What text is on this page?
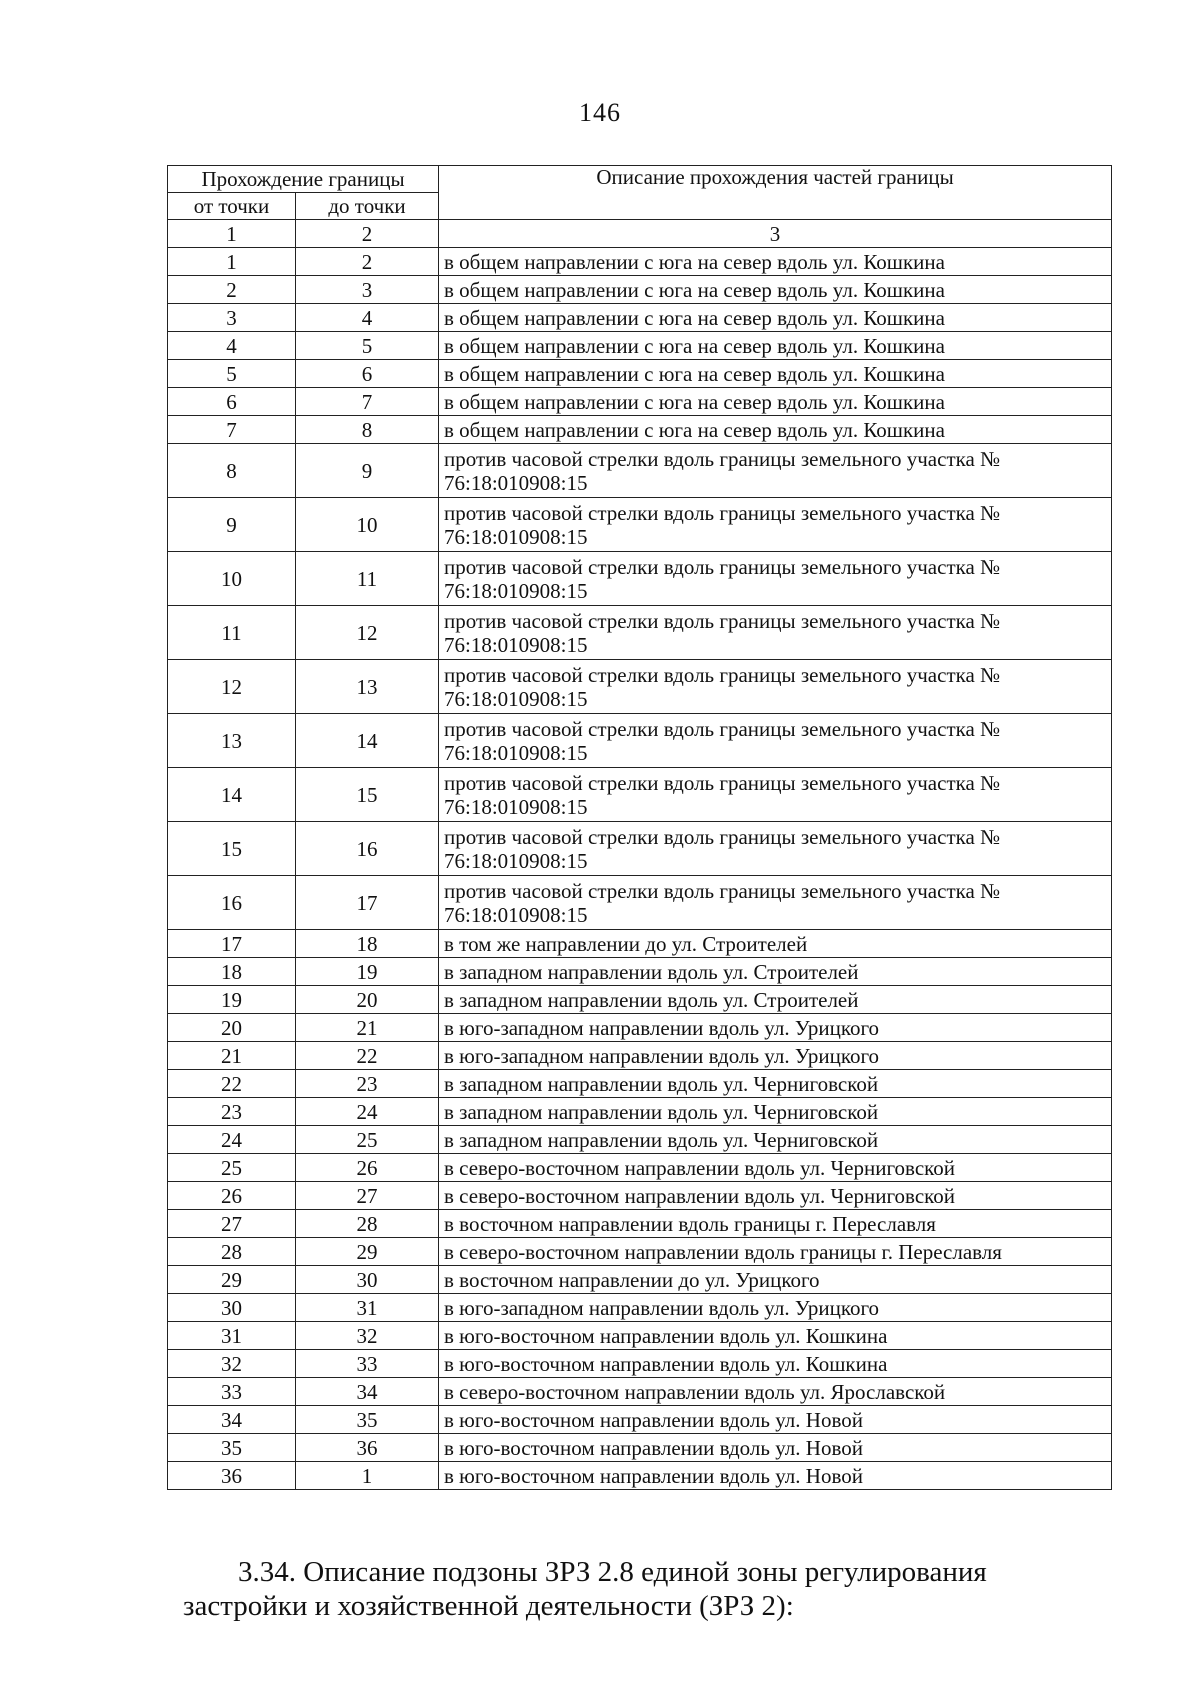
146
Прохождение границы		Описание прохождения частей границы
от точки	до точки	
1	2	3
1	2	в общем направлении с юга на север вдоль ул. Кошкина
2	3	в общем направлении с юга на север вдоль ул. Кошкина
3	4	в общем направлении с юга на север вдоль ул. Кошкина
4	5	в общем направлении с юга на север вдоль ул. Кошкина
5	6	в общем направлении с юга на север вдоль ул. Кошкина
6	7	в общем направлении с юга на север вдоль ул. Кошкина
7	8	в общем направлении с юга на север вдоль ул. Кошкина
8	9	против часовой стрелки вдоль границы земельного участка №
76:18:010908:15

9	10	против часовой стрелки вдоль границы земельного участка №
76:18:010908:15

10	11	против часовой стрелки вдоль границы земельного участка №
76:18:010908:15

11	12	против часовой стрелки вдоль границы земельного участка №
76:18:010908:15

12	13	против часовой стрелки вдоль границы земельного участка №
76:18:010908:15

13	14	против часовой стрелки вдоль границы земельного участка №
76:18:010908:15

14	15	против часовой стрелки вдоль границы земельного участка №
76:18:010908:15

15	16	против часовой стрелки вдоль границы земельного участка №
76:18:010908:15

16	17	против часовой стрелки вдоль границы земельного участка №
76:18:010908:15

17	18	в том же направлении до ул. Строителей
18	19	в западном направлении вдоль ул. Строителей
19	20	в западном направлении вдоль ул. Строителей
20	21	в юго-западном направлении вдоль ул. Урицкого
21	22	в юго-западном направлении вдоль ул. Урицкого
22	23	в западном направлении вдоль ул. Черниговской
23	24	в западном направлении вдоль ул. Черниговской
24	25	в западном направлении вдоль ул. Черниговской
25	26	в северо-восточном направлении вдоль ул. Черниговской
26	27	в северо-восточном направлении вдоль ул. Черниговской
27	28	в восточном направлении вдоль границы г. Переславля
28	29	в северо-восточном направлении вдоль границы г. Переславля
29	30	в восточном направлении до ул. Урицкого
30	31	в юго-западном направлении вдоль ул. Урицкого
31	32	в юго-восточном направлении вдоль ул. Кошкина
32	33	в юго-восточном направлении вдоль ул. Кошкина
33	34	в северо-восточном направлении вдоль ул. Ярославской
34	35	в юго-восточном направлении вдоль ул. Новой
35	36	в юго-восточном направлении вдоль ул. Новой
36	1	в юго-восточном направлении вдоль ул. Новой

3.34. Описание подзоны ЗРЗ 2.8 единой зоны регулирования застройки и хозяйственной деятельности (ЗРЗ 2):
